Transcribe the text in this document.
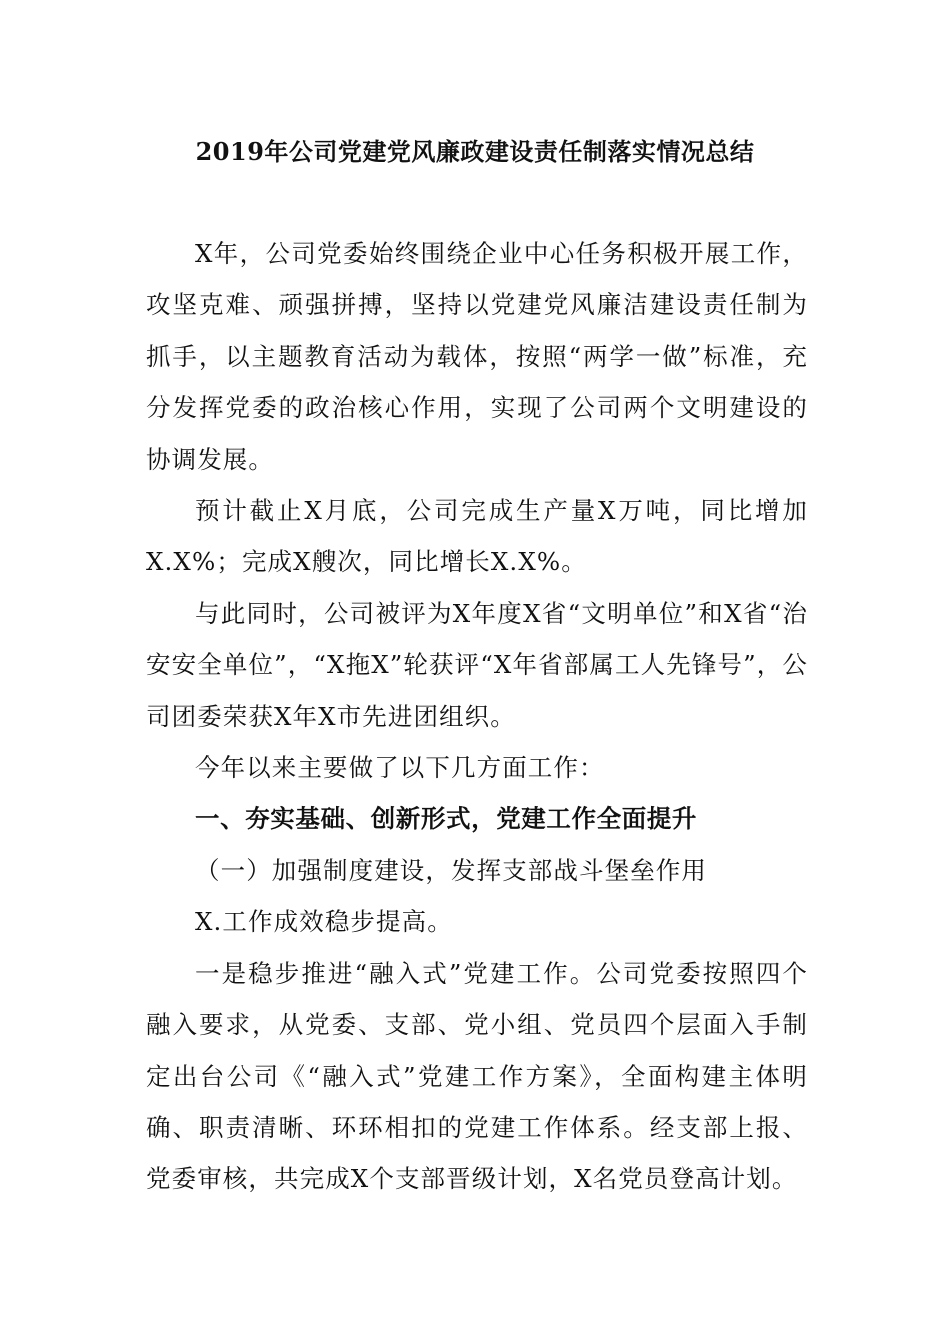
2019年公司党建党风廉政建设责任制落实情况总结

X年，公司党委始终围绕企业中心任务积极开展工作，攻坚克难、顽强拼搏，坚持以党建党风廉洁建设责任制为抓手，以主题教育活动为载体，按照“两学一做”标准，充分发挥党委的政治核心作用，实现了公司两个文明建设的协调发展。

预计截止X月底，公司完成生产量X万吨，同比增加X.X%；完成X艘次，同比增长X.X%。

与此同时，公司被评为X年度X省“文明单位”和X省“治安安全单位”，“X拖X”轮获评“X年省部属工人先锋号”，公司团委荣获X年X市先进团组织。

今年以来主要做了以下几方面工作：

一、夯实基础、创新形式，党建工作全面提升

（一）加强制度建设，发挥支部战斗堡垒作用

X.工作成效稳步提高。

一是稳步推进“融入式”党建工作。公司党委按照四个融入要求，从党委、支部、党小组、党员四个层面入手制定出台公司《“融入式”党建工作方案》，全面构建主体明确、职责清晰、环环相扣的党建工作体系。经支部上报、党委审核，共完成X个支部晋级计划，X名党员登高计划。
